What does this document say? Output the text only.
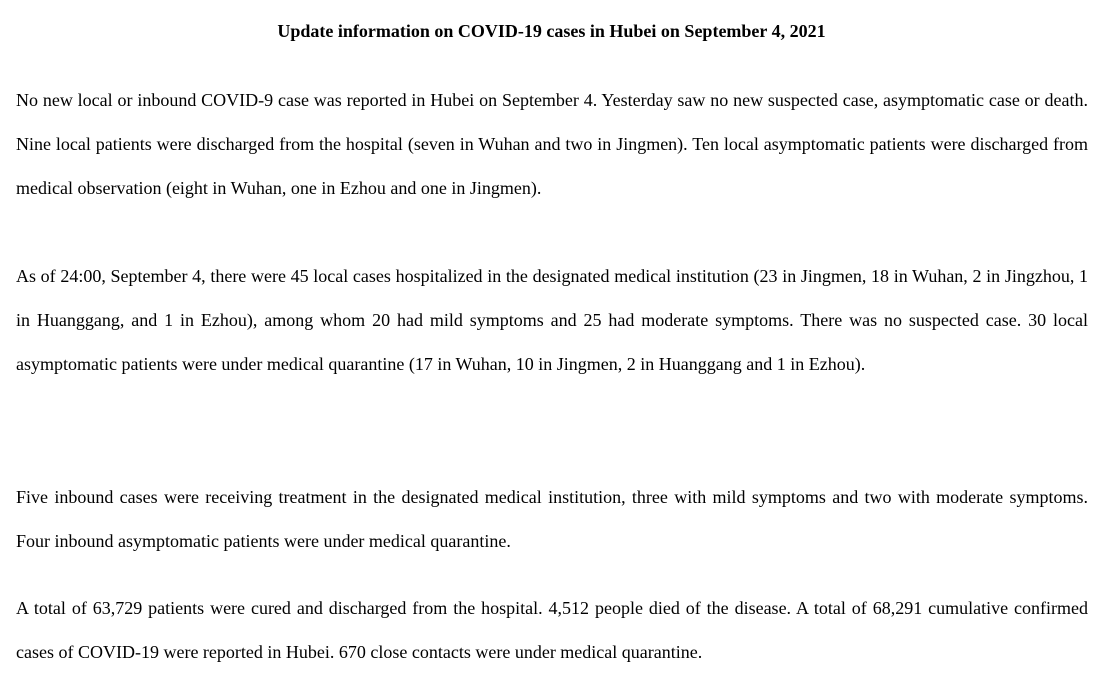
Update information on COVID-19 cases in Hubei on September 4, 2021

No new local or inbound COVID-9 case was reported in Hubei on September 4. Yesterday saw no new suspected case, asymptomatic case or death. Nine local patients were discharged from the hospital (seven in Wuhan and two in Jingmen). Ten local asymptomatic patients were discharged from medical observation (eight in Wuhan, one in Ezhou and one in Jingmen).

As of 24:00, September 4, there were 45 local cases hospitalized in the designated medical institution (23 in Jingmen, 18 in Wuhan, 2 in Jingzhou, 1 in Huanggang, and 1 in Ezhou), among whom 20 had mild symptoms and 25 had moderate symptoms. There was no suspected case. 30 local asymptomatic patients were under medical quarantine (17 in Wuhan, 10 in Jingmen, 2 in Huanggang and 1 in Ezhou).

Five inbound cases were receiving treatment in the designated medical institution, three with mild symptoms and two with moderate symptoms. Four inbound asymptomatic patients were under medical quarantine.

A total of 63,729 patients were cured and discharged from the hospital. 4,512 people died of the disease. A total of 68,291 cumulative confirmed cases of COVID-19 were reported in Hubei. 670 close contacts were under medical quarantine.
